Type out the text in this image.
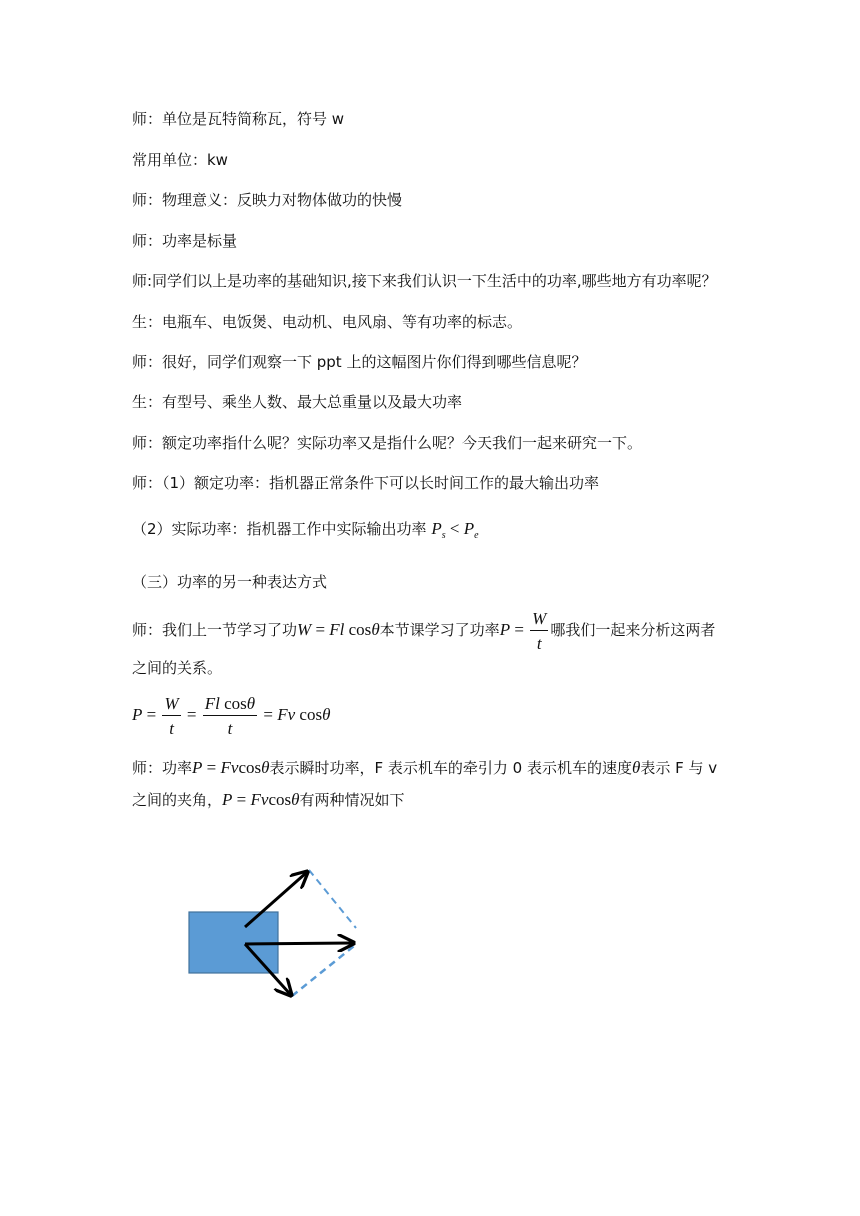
师：单位是瓦特简称瓦，符号 w
常用单位：kw
师：物理意义：反映力对物体做功的快慢
师：功率是标量
师:同学们以上是功率的基础知识,接下来我们认识一下生活中的功率,哪些地方有功率呢？
生：电瓶车、电饭煲、电动机、电风扇、等有功率的标志。
师：很好，同学们观察一下 ppt 上的这幅图片你们得到哪些信息呢？
生：有型号、乘坐人数、最大总重量以及最大功率
师：额定功率指什么呢？实际功率又是指什么呢？今天我们一起来研究一下。
师：（1）额定功率：指机器正常条件下可以长时间工作的最大输出功率
（2）实际功率：指机器工作中实际输出功率 $P_s < P_e$
（三）功率的另一种表达方式
师：我们上一节学习了功W = Fl cosθ本节课学习了功率$P = \frac{W}{t}$ 哪我们一起来分析这两者
之间的关系。
$P = \frac{W}{t} = \frac{\text{Fl cosθ}}{t} = Fv$ cosθ
师：功率P = Fvcosθ表示瞬时功率，F 表示机车的牵引力 0 表示机车的速度θ表示 F 与 v
之间的夹角，P = Fvcosθ有两种情况如下
